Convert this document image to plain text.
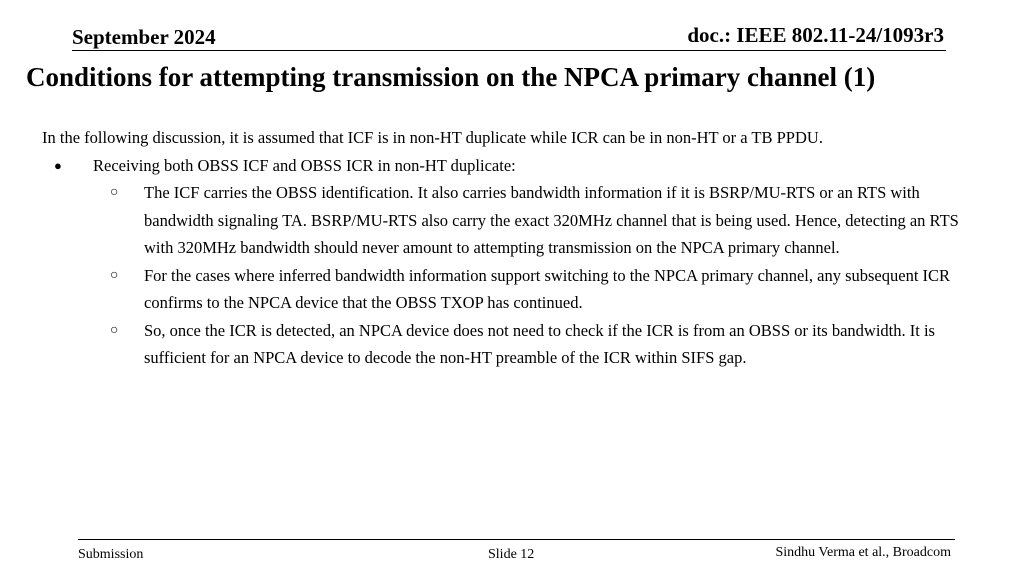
September 2024	doc.: IEEE 802.11-24/1093r3
Conditions for attempting transmission on the NPCA primary channel (1)
In the following discussion, it is assumed that ICF is in non-HT duplicate while ICR can be in non-HT or a TB PPDU.
● Receiving both OBSS ICF and OBSS ICR in non-HT duplicate:
○ The ICF carries the OBSS identification. It also carries bandwidth information if it is BSRP/MU-RTS or an RTS with bandwidth signaling TA. BSRP/MU-RTS also carry the exact 320MHz channel that is being used. Hence, detecting an RTS with 320MHz bandwidth should never amount to attempting transmission on the NPCA primary channel.
○ For the cases where inferred bandwidth information support switching to the NPCA primary channel, any subsequent ICR confirms to the NPCA device that the OBSS TXOP has continued.
○ So, once the ICR is detected, an NPCA device does not need to check if the ICR is from an OBSS or its bandwidth. It is sufficient for an NPCA device to decode the non-HT preamble of the ICR within SIFS gap.
Submission	Slide 12	Sindhu Verma et al., Broadcom
